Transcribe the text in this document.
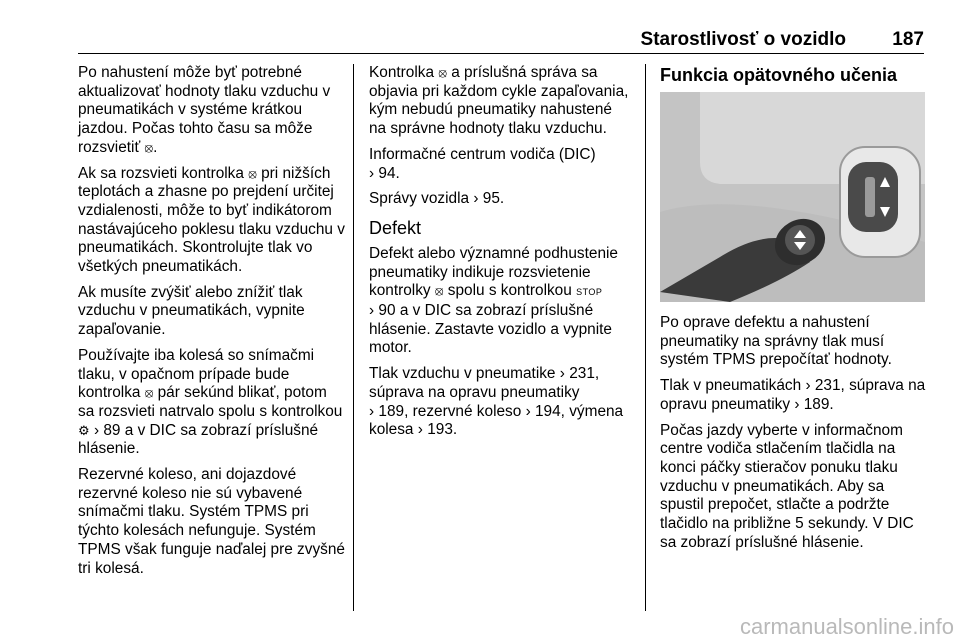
Starostlivosť o vozidlo 187

Po nahustení môže byť potrebné aktualizovať hodnoty tlaku vzduchu v pneumatikách v systéme krátkou jazdou. Počas tohto času sa môže rozsvietiť ⦻.

Ak sa rozsvieti kontrolka ⦻ pri nižších teplotách a zhasne po prejdení určitej vzdialenosti, môže to byť indikátorom nastávajúceho poklesu tlaku vzduchu v pneumatikách. Skontrolujte tlak vo všetkých pneumatikách.

Ak musíte zvýšiť alebo znížiť tlak vzduchu v pneumatikách, vypnite zapaľovanie.

Používajte iba kolesá so snímačmi tlaku, v opačnom prípade bude kontrolka ⦻ pár sekúnd blikať, potom sa rozsvieti natrvalo spolu s kontrolkou ⚙ › 89 a v DIC sa zobrazí príslušné hlásenie.

Rezervné koleso, ani dojazdové rezervné koleso nie sú vybavené snímačmi tlaku. Systém TPMS pri týchto kolesách nefunguje. Systém TPMS však funguje naďalej pre zvyšné tri kolesá.

Kontrolka ⦻ a príslušná správa sa objavia pri každom cykle zapaľovania, kým nebudú pneumatiky nahustené na správne hodnoty tlaku vzduchu.

Informačné centrum vodiča (DIC)
› 94.

Správy vozidla › 95.

Defekt

Defekt alebo významné podhustenie pneumatiky indikuje rozsvietenie kontrolky ⦻ spolu s kontrolkou STOP
› 90 a v DIC sa zobrazí príslušné hlásenie. Zastavte vozidlo a vypnite motor.

Tlak vzduchu v pneumatike › 231, súprava na opravu pneumatiky
› 189, rezervné koleso › 194, výmena kolesa › 193.

Funkcia opätovného učenia

Po oprave defektu a nahustení pneumatiky na správny tlak musí systém TPMS prepočítať hodnoty.

Tlak v pneumatikách › 231, súprava na opravu pneumatiky › 189.

Počas jazdy vyberte v informačnom centre vodiča stlačením tlačidla na konci páčky stieračov ponuku tlaku vzduchu v pneumatikách. Aby sa spustil prepočet, stlačte a podržte tlačidlo na približne 5 sekundy. V DIC sa zobrazí príslušné hlásenie.

carmanualsonline.info
